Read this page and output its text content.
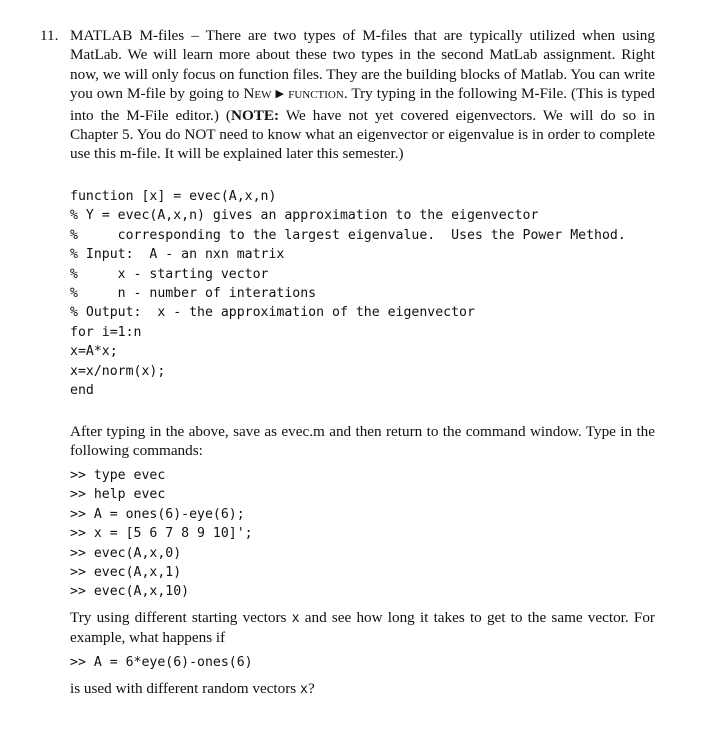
11. MATLAB M-files – There are two types of M-files that are typically utilized when using MatLab. We will learn more about these two types in the second MatLab assignment. Right now, we will only focus on function files. They are the building blocks of Matlab. You can write you own M-file by going to New ▶ function. Try typing in the following M-File. (This is typed into the M-File editor.) (NOTE: We have not yet covered eigenvectors. We will do so in Chapter 5. You do NOT need to know what an eigenvector or eigenvalue is in order to complete use this m-file. It will be explained later this semester.)

function [x] = evec(A,x,n)
% Y = evec(A,x,n) gives an approximation to the eigenvector
%     corresponding to the largest eigenvalue.  Uses the Power Method.
% Input:  A - an nxn matrix
%     x - starting vector
%     n - number of interations
% Output:  x - the approximation of the eigenvector
for i=1:n
x=A*x;
x=x/norm(x);
end

After typing in the above, save as evec.m and then return to the command window. Type in the following commands:

>> type evec
>> help evec
>> A = ones(6)-eye(6);
>> x = [5 6 7 8 9 10]';
>> evec(A,x,0)
>> evec(A,x,1)
>> evec(A,x,10)

Try using different starting vectors x and see how long it takes to get to the same vector. For example, what happens if

>> A = 6*eye(6)-ones(6)

is used with different random vectors x?
